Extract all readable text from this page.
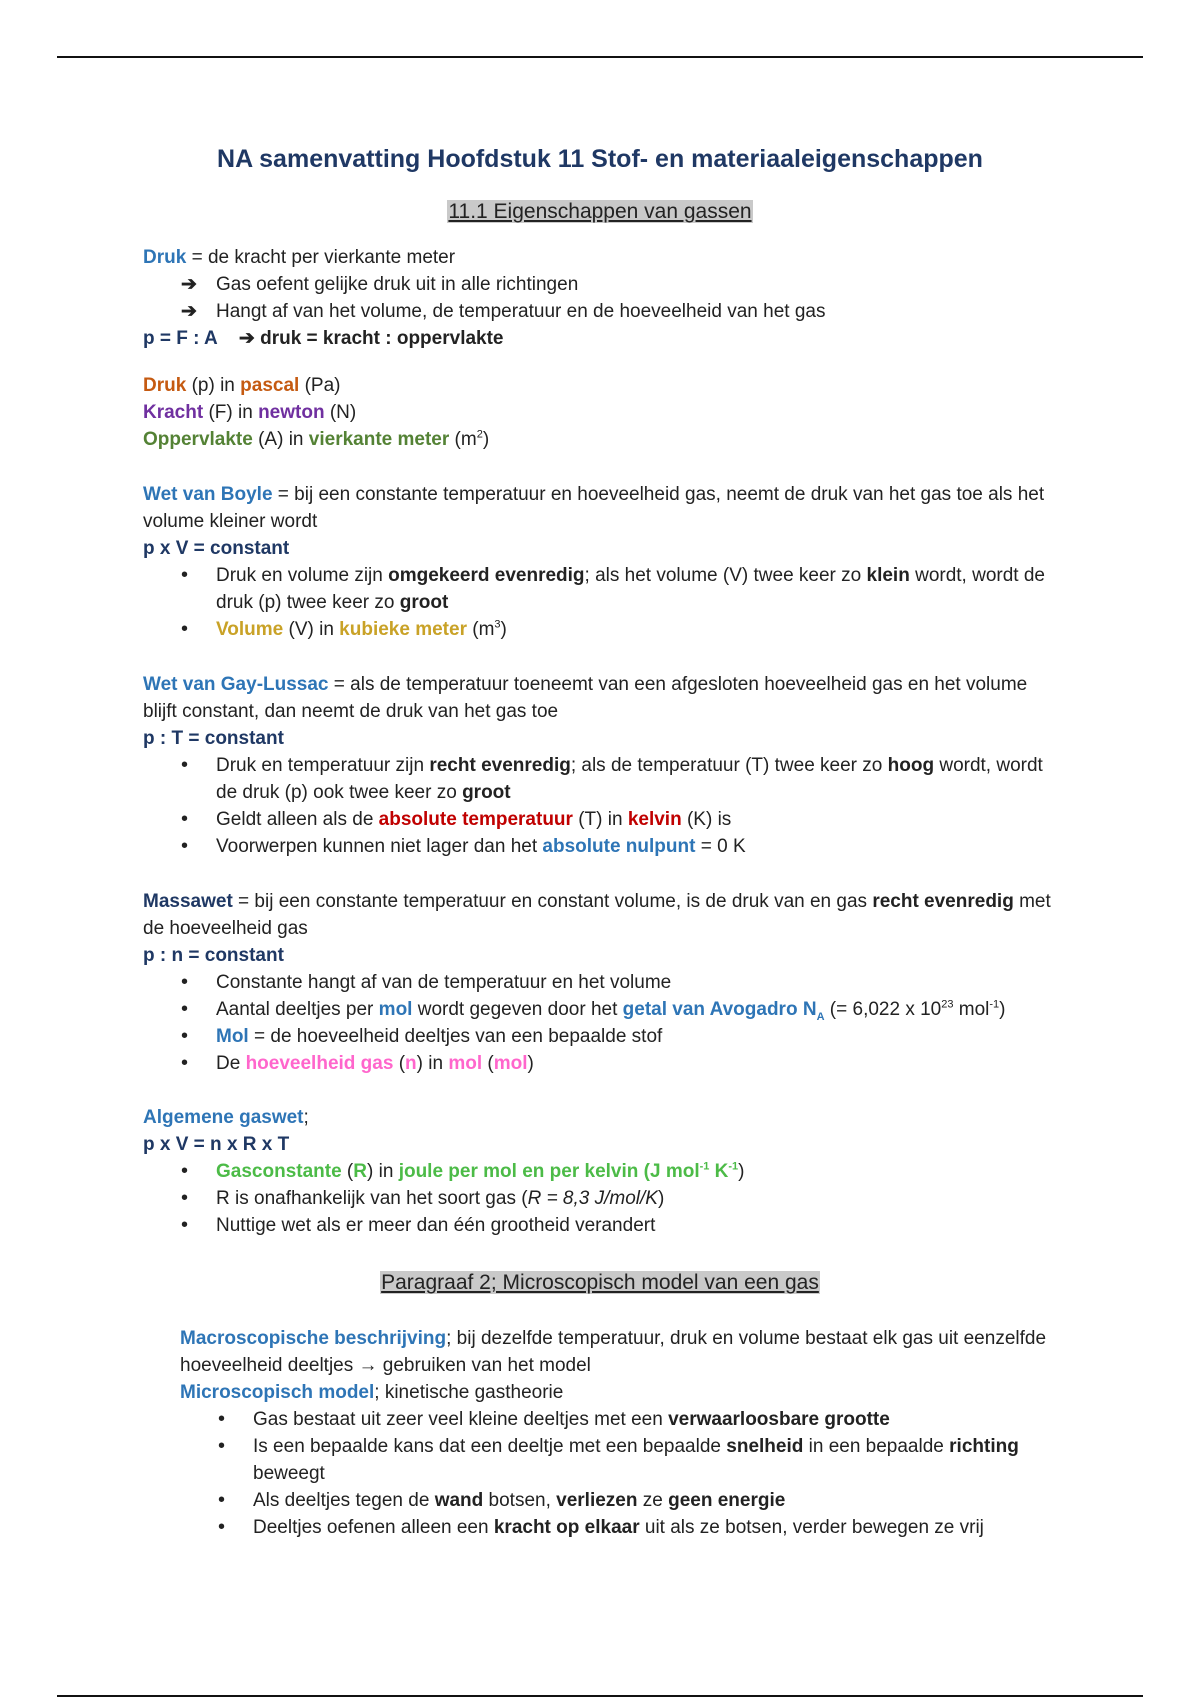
NA samenvatting Hoofdstuk 11 Stof- en materiaaleigenschappen
11.1 Eigenschappen van gassen
Druk = de kracht per vierkante meter
➔	Gas oefent gelijke druk uit in alle richtingen
➔	Hangt af van het volume, de temperatuur en de hoeveelheid van het gas
p = F : A ➔ druk = kracht : oppervlakte
Druk (p) in pascal (Pa)
Kracht (F) in newton (N)
Oppervlakte (A) in vierkante meter $(m^2)$
Wet van Boyle = bij een constante temperatuur en hoeveelheid gas, neemt de druk van het gas toe als het volume kleiner wordt
p x V = constant
• Druk en volume zijn omgekeerd evenredig; als het volume (V) twee keer zo klein wordt, wordt de druk (p) twee keer zo groot
• Volume (V) in kubieke meter $(m^3)$
Wet van Gay-Lussac = als de temperatuur toeneemt van een afgesloten hoeveelheid gas en het volume blijft constant, dan neemt de druk van het gas toe
p : T = constant
• Druk en temperatuur zijn recht evenredig; als de temperatuur (T) twee keer zo hoog wordt, wordt de druk (p) ook twee keer zo groot
• Geldt alleen als de absolute temperatuur (T) in kelvin (K) is
• Voorwerpen kunnen niet lager dan het absolute nulpunt = 0 K
Massawet = bij een constante temperatuur en constant volume, is de druk van en gas recht evenredig met de hoeveelheid gas
p : n = constant
• Constante hangt af van de temperatuur en het volume
• Aantal deeltjes per mol wordt gegeven door het getal van Avogadro $N_A$ (= 6,022 x $10^{23}$ mol$^{-1}$)
• Mol = de hoeveelheid deeltjes van een bepaalde stof
• De hoeveelheid gas (n) in mol (mol)
Algemene gaswet;
p x V = n x R x T
• Gasconstante (R) in joule per mol en per kelvin (J mol$^{-1}$ $K^{-1}$)
• R is onafhankelijk van het soort gas (R = 8,3 J/mol/K)
• Nuttige wet als er meer dan één grootheid verandert
Paragraaf 2; Microscopisch model van een gas
Macroscopische beschrijving; bij dezelfde temperatuur, druk en volume bestaat elk gas uit eenzelfde hoeveelheid deeltjes → gebruiken van het model
Microscopisch model; kinetische gastheorie
• Gas bestaat uit zeer veel kleine deeltjes met een verwaarloosbare grootte
• Is een bepaalde kans dat een deeltje met een bepaalde snelheid in een bepaalde richting beweegt
• Als deeltjes tegen de wand botsen, verliezen ze geen energie
• Deeltjes oefenen alleen een kracht op elkaar uit als ze botsen, verder bewegen ze vrij
